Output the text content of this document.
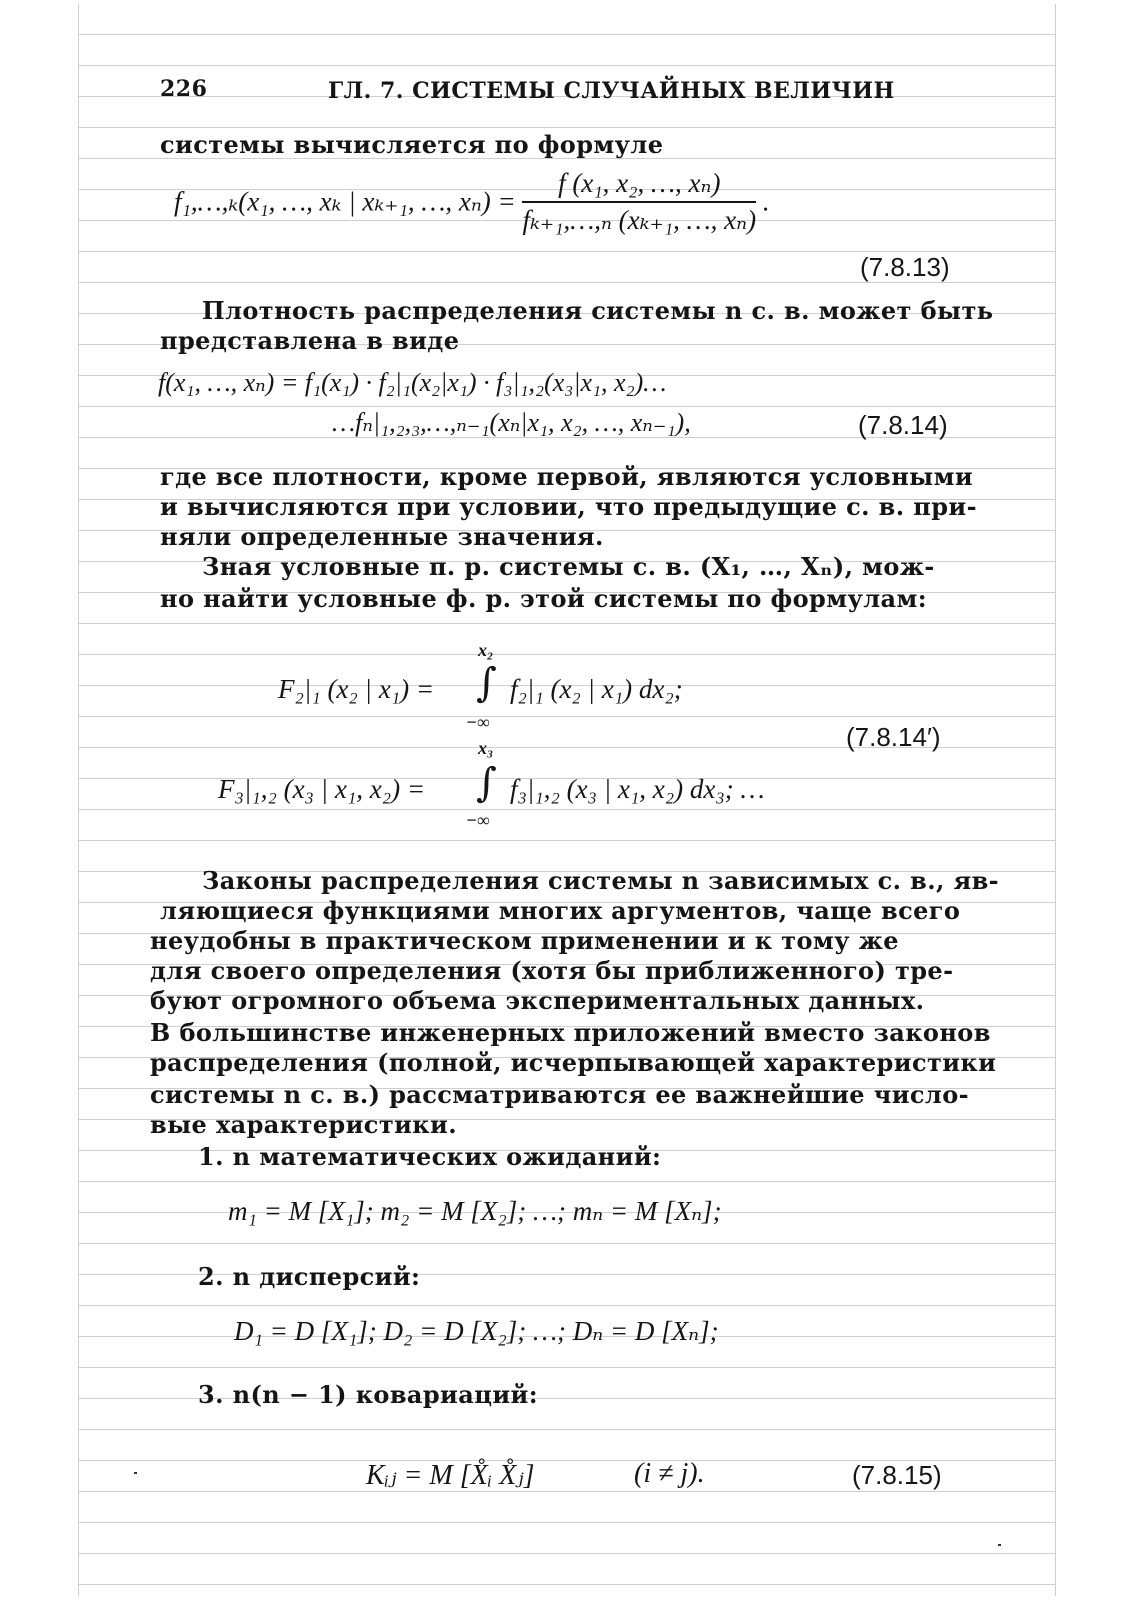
226	ГЛ. 7. СИСТЕМЫ СЛУЧАЙНЫХ ВЕЛИЧИН
системы вычисляется по формуле
f₁,…,ₖ(x₁, …, xₖ | xₖ₊₁, …, $x_n) = \frac{\text{f (x₁, x₂, …, xₙ)}}{\text{fₖ₊₁,…,ₙ (xₖ₊₁, …, xₙ)}}$ .
(7.8.13)
Плотность распределения системы n с. в. может быть
представлена в виде
f(x₁, …, xₙ) = f₁(x₁) · f₂|₁(x₂|x₁) · f₃|₁,₂(x₃|x₁, x₂)…
…fₙ|₁,₂,₃,…,ₙ₋₁(xₙ|x₁, x₂, …, xₙ₋₁),	(7.8.14)
где все плотности, кроме первой, являются условными
и вычисляются при условии, что предыдущие с. в. при-
няли определенные значения.
Зная условные п. р. системы с. в. (X₁, …, Xₙ), мож-
но найти условные ф. р. этой системы по формулам:
x₂
F₂|₁ (x₂ | x₁) = ∫ f₂|₁ (x₂ | x₁) dx₂;
−∞	(7.8.14′)
x₃
F₃|₁,₂ (x₃ | x₁, x₂) = ∫ f₃|₁,₂ (x₃ | x₁, x₂) dx₃; …
−∞
Законы распределения системы n зависимых с. в., яв-
ляющиеся функциями многих аргументов, чаще всего
неудобны в практическом применении и к тому же
для своего определения (хотя бы приближенного) тре-
буют огромного объема экспериментальных данных.
В большинстве инженерных приложений вместо законов
распределения (полной, исчерпывающей характеристики
системы n с. в.) рассматриваются ее важнейшие число-
вые характеристики.
1. n математических ожиданий:
m₁ = M [X₁]; m₂ = M [X₂]; …; mₙ = M [Xₙ];
2. n дисперсий:
D₁ = D [X₁]; D₂ = D [X₂]; …; Dₙ = D [Xₙ];
3. n(n − 1) ковариаций:
Kᵢⱼ = M [X̊ᵢ X̊ⱼ]	(i ≠ j).	(7.8.15)
